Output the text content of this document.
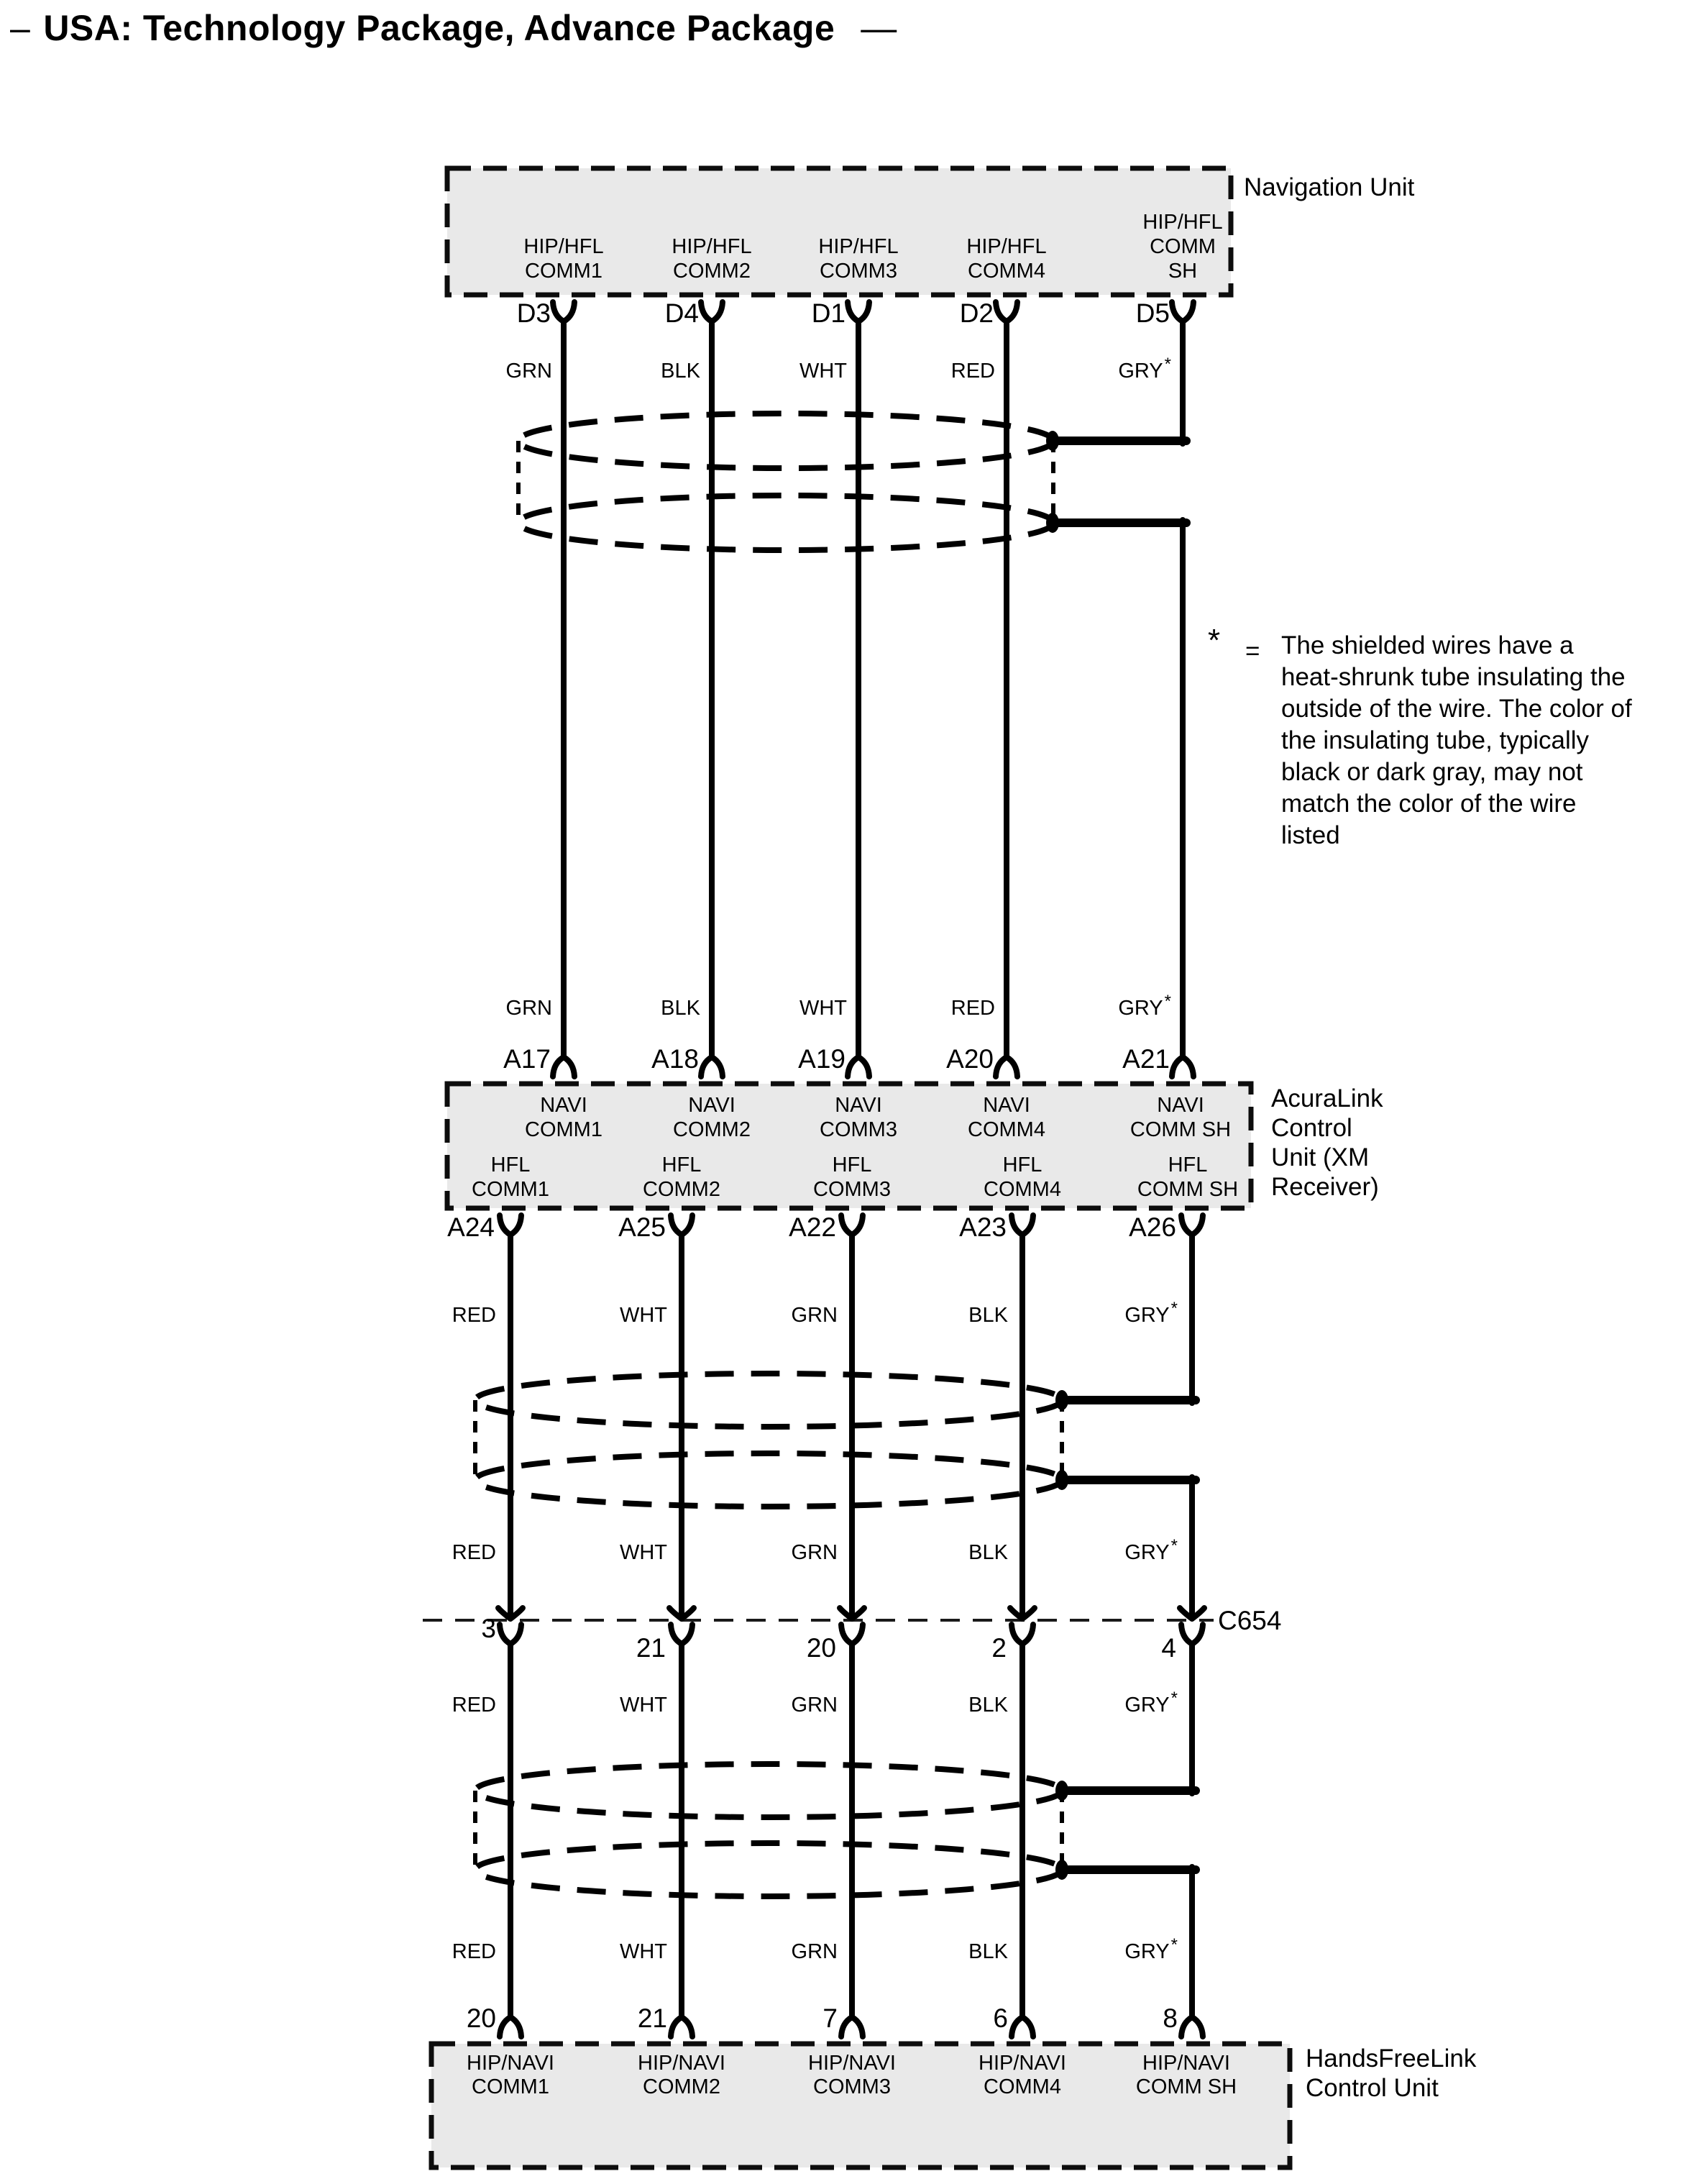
– USA: Technology Package, Advance Package —
Navigation Unit
HIP/HFL
COMM1
HIP/HFL
COMM2
HIP/HFL
COMM3
HIP/HFL
COMM4
HIP/HFL
COMM
SH
D3	D4	D1	D2	D5
GRN	BLK	WHT	RED	GRY*
* = The shielded wires have a
heat-shrunk tube insulating the
outside of the wire. The color of
the insulating tube, typically
black or dark gray, may not
match the color of the wire
listed
GRN	BLK	WHT	RED	GRY*
A17	A18	A19	A20	A21
AcuraLink
Control
Unit (XM
Receiver)
NAVI
COMM1
NAVI
COMM2
NAVI
COMM3
NAVI
COMM4
NAVI
COMM SH
HFL
COMM1
HFL
COMM2
HFL
COMM3
HFL
COMM4
HFL
COMM SH
A24	A25	A22	A23	A26
RED	WHT	GRN	BLK	GRY*
RED	WHT	GRN	BLK	GRY*
3
21	20	2	4
C654
RED	WHT	GRN	BLK	GRY*
RED	WHT	GRN	BLK	GRY*
20	21	7	6	8
HIP/NAVI
COMM1
HIP/NAVI
COMM2
HIP/NAVI
COMM3
HIP/NAVI
COMM4
HIP/NAVI
COMM SH
HandsFreeLink
Control Unit
